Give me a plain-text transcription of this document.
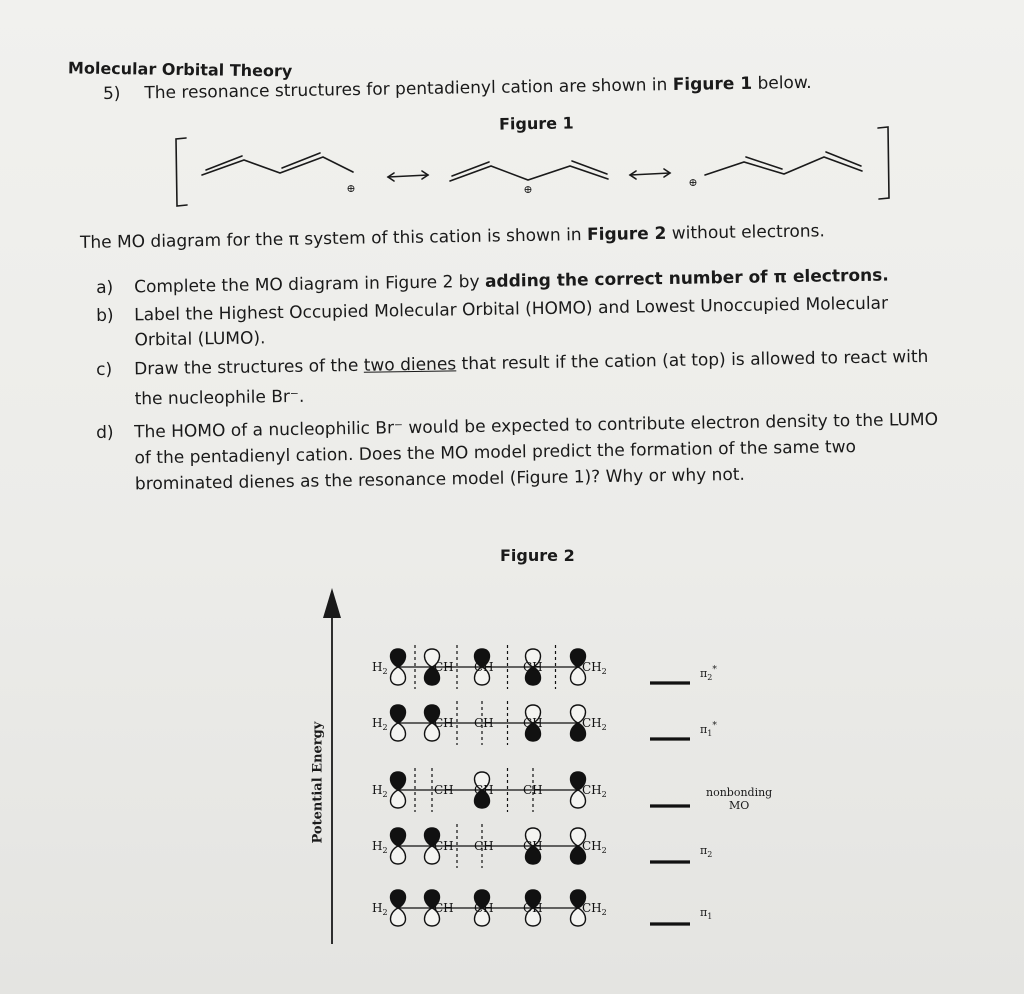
Molecular Orbital Theory
5) The resonance structures for pentadienyl cation are shown in Figure 1 below.
Figure 1
⊕	⊕
⊕
The MO diagram for the π system of this cation is shown in Figure 2 without electrons.
a) Complete the MO diagram in Figure 2 by adding the correct number of π electrons.
b) Label the Highest Occupied Molecular Orbital (HOMO) and Lowest Unoccupied Molecular
Orbital (LUMO).
c) Draw the structures of the two dienes that result if the cation (at top) is allowed to react with
the nucleophile Br⁻.
d) The HOMO of a nucleophilic Br⁻ would be expected to contribute electron density to the LUMO
of the pentadienyl cation. Does the MO model predict the formation of the same two
brominated dienes as the resonance model (Figure 1)? Why or why not.
Figure 2
Potential Energy
$H_2$	CH CH CH	$CH_2$
$H_2$	CH CH CH	$CH_2$
$H_2$	CH CH CH	$CH_2$
$H_2$	CH CH CH	$CH_2$
$H_2$	CH CH CH	$CH_2$
$\pi_2^*$
$\pi_1^*$
nonbonding
MO
$\pi_2$
$\pi_1$
